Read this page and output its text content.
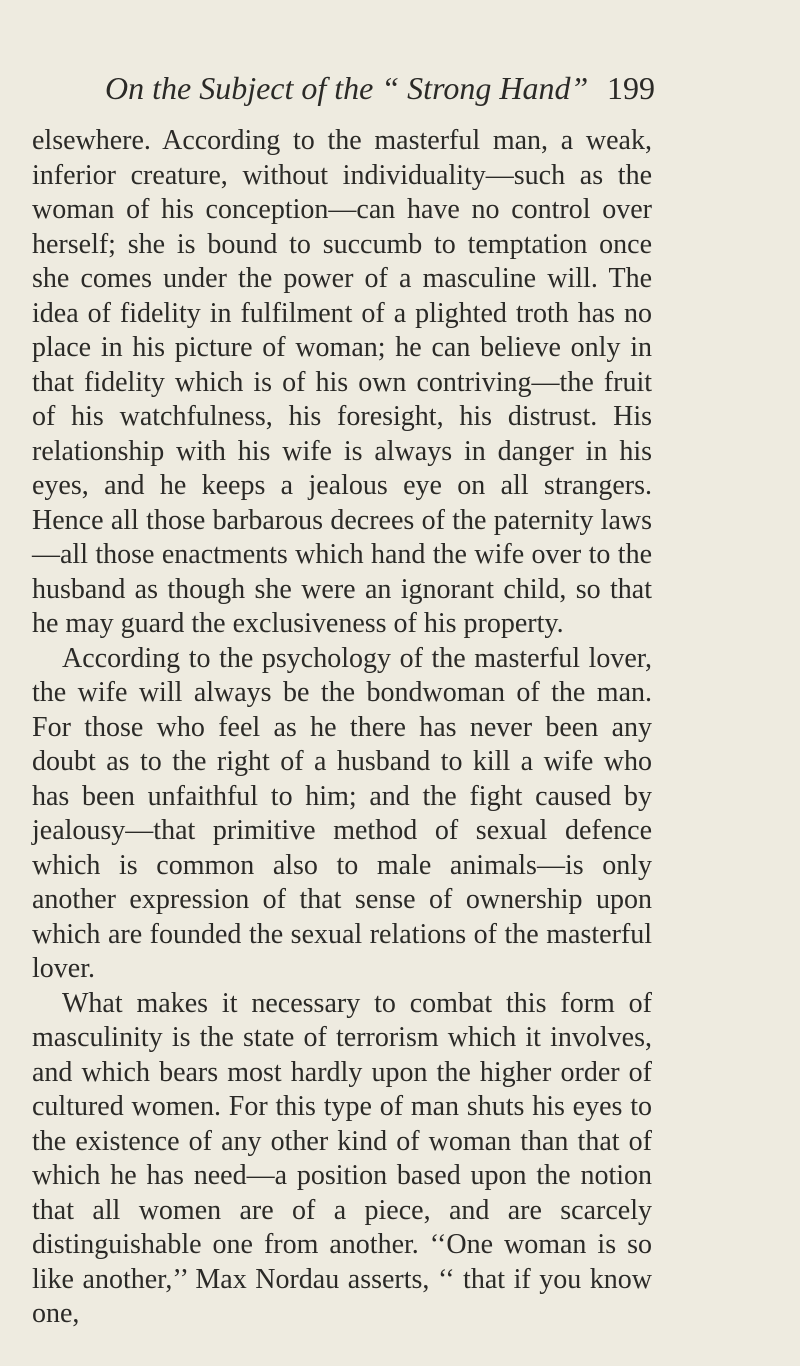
On the Subject of the “ Strong Hand” 199

elsewhere. According to the masterful man, a weak, inferior creature, without individuality—such as the woman of his conception—can have no control over herself; she is bound to succumb to temptation once she comes under the power of a masculine will. The idea of fidelity in fulfilment of a plighted troth has no place in his picture of woman; he can believe only in that fidelity which is of his own contriving—the fruit of his watchfulness, his foresight, his distrust. His relationship with his wife is always in danger in his eyes, and he keeps a jealous eye on all strangers. Hence all those barbarous decrees of the paternity laws—all those enactments which hand the wife over to the husband as though she were an ignorant child, so that he may guard the exclusiveness of his property.

According to the psychology of the masterful lover, the wife will always be the bondwoman of the man. For those who feel as he there has never been any doubt as to the right of a husband to kill a wife who has been unfaithful to him; and the fight caused by jealousy—that primitive method of sexual defence which is common also to male animals—is only another expression of that sense of ownership upon which are founded the sexual relations of the masterful lover.

What makes it necessary to combat this form of masculinity is the state of terrorism which it involves, and which bears most hardly upon the higher order of cultured women. For this type of man shuts his eyes to the existence of any other kind of woman than that of which he has need—a position based upon the notion that all women are of a piece, and are scarcely distinguishable one from another. ‘‘One woman is so like another,’’ Max Nordau asserts, ‘‘ that if you know one,
